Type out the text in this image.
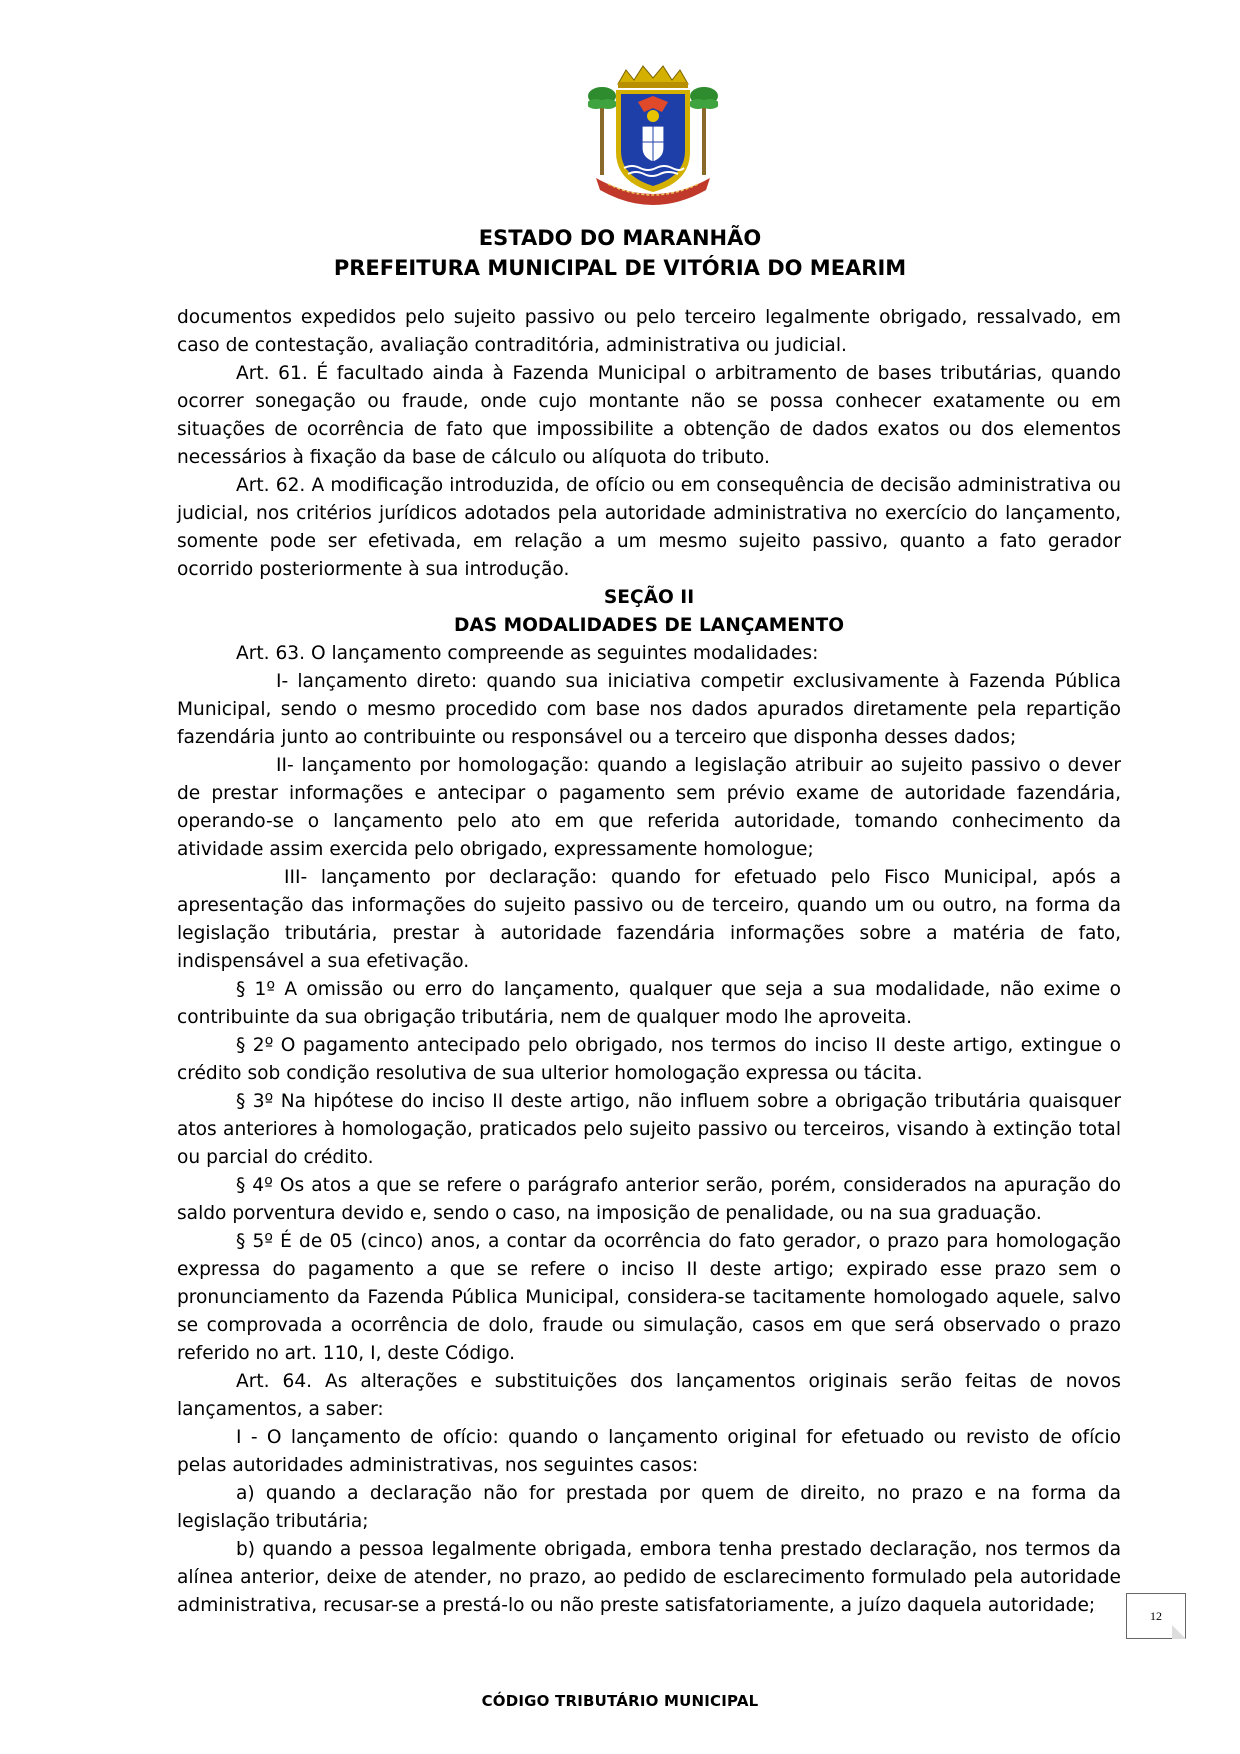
ESTADO DO MARANHÃO
PREFEITURA MUNICIPAL DE VITÓRIA DO MEARIM

documentos expedidos pelo sujeito passivo ou pelo terceiro legalmente obrigado, ressalvado, em caso de contestação, avaliação contraditória, administrativa ou judicial.

Art. 61. É facultado ainda à Fazenda Municipal o arbitramento de bases tributárias, quando ocorrer sonegação ou fraude, onde cujo montante não se possa conhecer exatamente ou em situações de ocorrência de fato que impossibilite a obtenção de dados exatos ou dos elementos necessários à fixação da base de cálculo ou alíquota do tributo.

Art. 62. A modificação introduzida, de ofício ou em consequência de decisão administrativa ou judicial, nos critérios jurídicos adotados pela autoridade administrativa no exercício do lançamento, somente pode ser efetivada, em relação a um mesmo sujeito passivo, quanto a fato gerador ocorrido posteriormente à sua introdução.

SEÇÃO II

DAS MODALIDADES DE LANÇAMENTO

Art. 63. O lançamento compreende as seguintes modalidades:

I- lançamento direto: quando sua iniciativa competir exclusivamente à Fazenda Pública Municipal, sendo o mesmo procedido com base nos dados apurados diretamente pela repartição fazendária junto ao contribuinte ou responsável ou a terceiro que disponha desses dados;

II- lançamento por homologação: quando a legislação atribuir ao sujeito passivo o dever de prestar informações e antecipar o pagamento sem prévio exame de autoridade fazendária, operando-se o lançamento pelo ato em que referida autoridade, tomando conhecimento da atividade assim exercida pelo obrigado, expressamente homologue;

III- lançamento por declaração: quando for efetuado pelo Fisco Municipal, após a apresentação das informações do sujeito passivo ou de terceiro, quando um ou outro, na forma da legislação tributária, prestar à autoridade fazendária informações sobre a matéria de fato, indispensável a sua efetivação.

§ 1º A omissão ou erro do lançamento, qualquer que seja a sua modalidade, não exime o contribuinte da sua obrigação tributária, nem de qualquer modo lhe aproveita.

§ 2º O pagamento antecipado pelo obrigado, nos termos do inciso II deste artigo, extingue o crédito sob condição resolutiva de sua ulterior homologação expressa ou tácita.

§ 3º Na hipótese do inciso II deste artigo, não influem sobre a obrigação tributária quaisquer atos anteriores à homologação, praticados pelo sujeito passivo ou terceiros, visando à extinção total ou parcial do crédito.

§ 4º Os atos a que se refere o parágrafo anterior serão, porém, considerados na apuração do saldo porventura devido e, sendo o caso, na imposição de penalidade, ou na sua graduação.

§ 5º É de 05 (cinco) anos, a contar da ocorrência do fato gerador, o prazo para homologação expressa do pagamento a que se refere o inciso II deste artigo; expirado esse prazo sem o pronunciamento da Fazenda Pública Municipal, considera-se tacitamente homologado aquele, salvo se comprovada a ocorrência de dolo, fraude ou simulação, casos em que será observado o prazo referido no art. 110, I, deste Código.

Art. 64. As alterações e substituições dos lançamentos originais serão feitas de novos lançamentos, a saber:

I - O lançamento de ofício: quando o lançamento original for efetuado ou revisto de ofício pelas autoridades administrativas, nos seguintes casos:

a) quando a declaração não for prestada por quem de direito, no prazo e na forma da legislação tributária;

b) quando a pessoa legalmente obrigada, embora tenha prestado declaração, nos termos da alínea anterior, deixe de atender, no prazo, ao pedido de esclarecimento formulado pela autoridade administrativa, recusar-se a prestá-lo ou não preste satisfatoriamente, a juízo daquela autoridade;	12
CÓDIGO TRIBUTÁRIO MUNICIPAL
